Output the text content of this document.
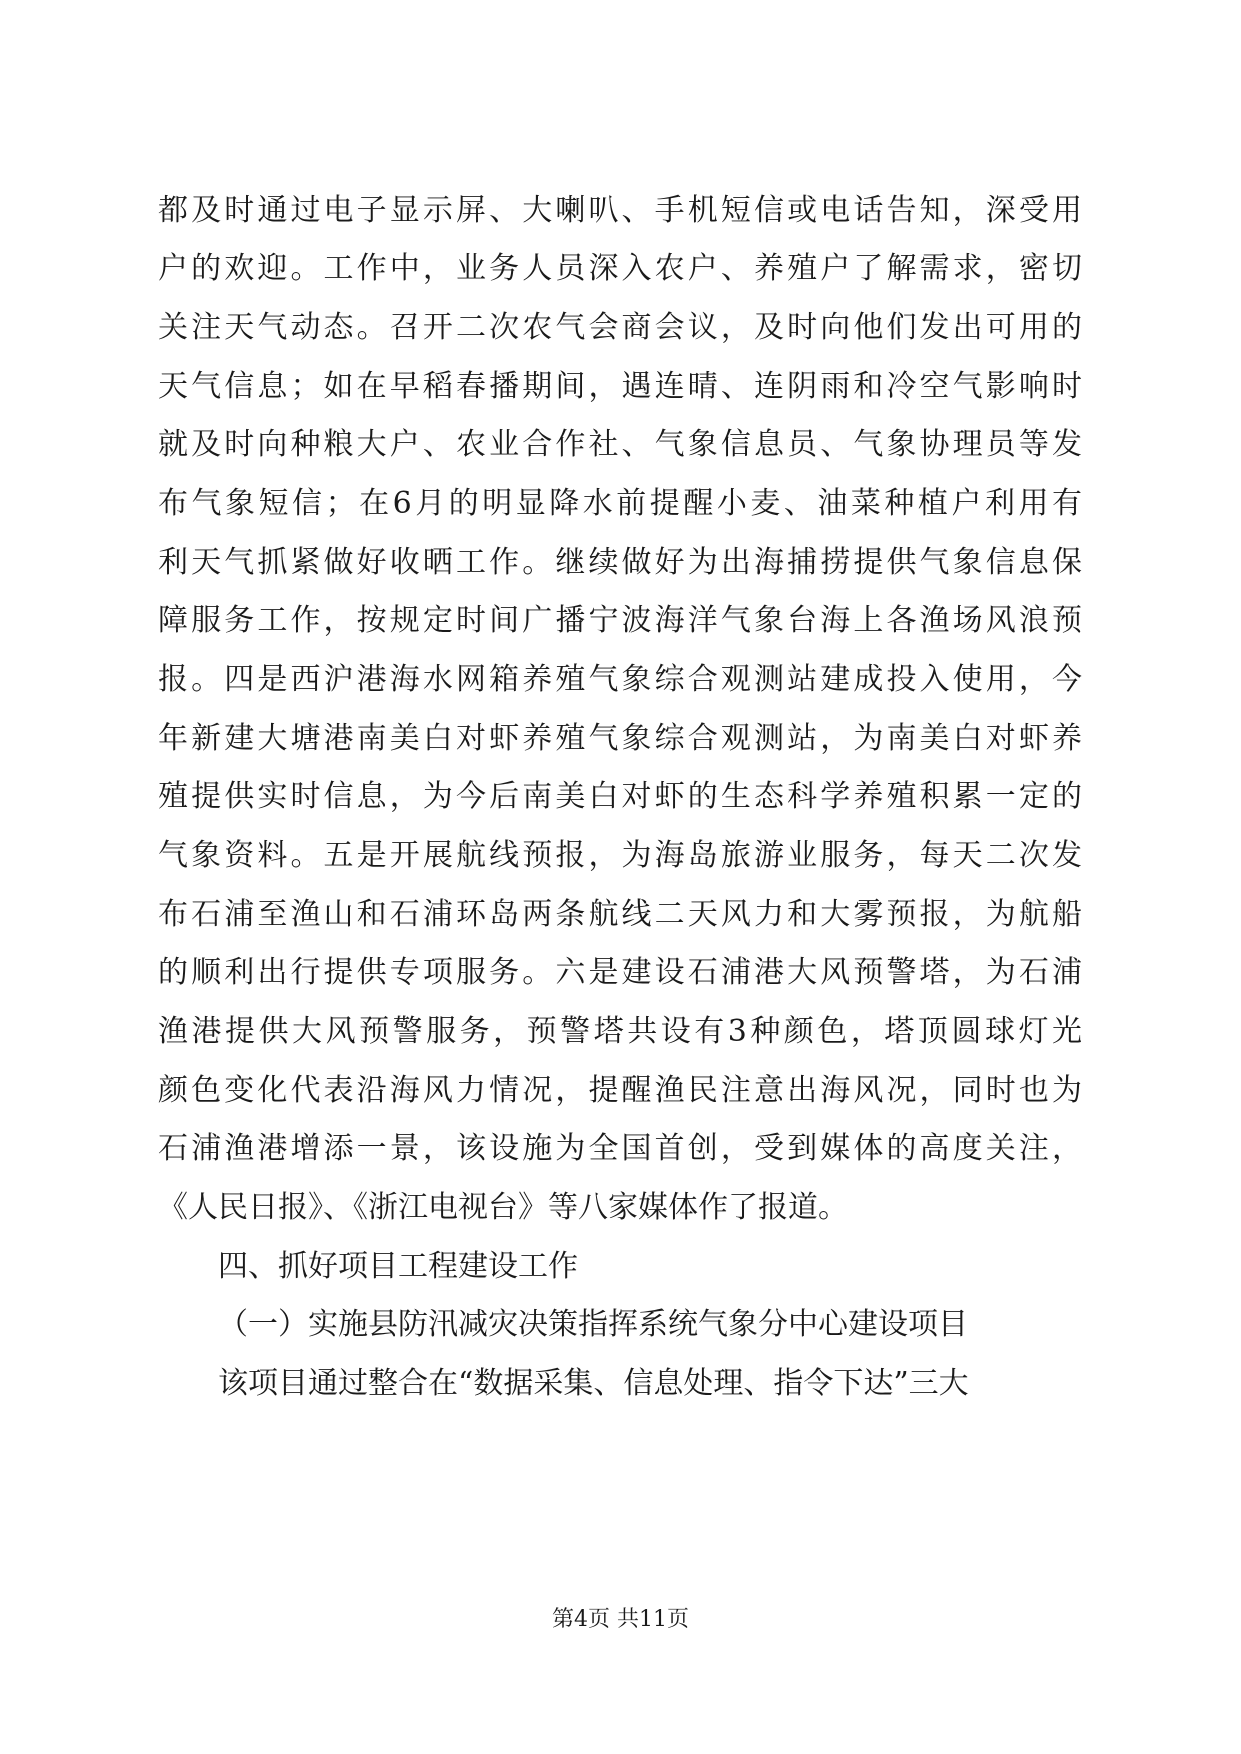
都及时通过电子显示屏、大喇叭、手机短信或电话告知，深受用
户的欢迎。工作中，业务人员深入农户、养殖户了解需求，密切
关注天气动态。召开二次农气会商会议，及时向他们发出可用的
天气信息；如在早稻春播期间，遇连晴、连阴雨和冷空气影响时
就及时向种粮大户、农业合作社、气象信息员、气象协理员等发
布气象短信；在6月的明显降水前提醒小麦、油菜种植户利用有
利天气抓紧做好收晒工作。继续做好为出海捕捞提供气象信息保
障服务工作，按规定时间广播宁波海洋气象台海上各渔场风浪预
报。四是西沪港海水网箱养殖气象综合观测站建成投入使用，今
年新建大塘港南美白对虾养殖气象综合观测站，为南美白对虾养
殖提供实时信息，为今后南美白对虾的生态科学养殖积累一定的
气象资料。五是开展航线预报，为海岛旅游业服务，每天二次发
布石浦至渔山和石浦环岛两条航线二天风力和大雾预报，为航船
的顺利出行提供专项服务。六是建设石浦港大风预警塔，为石浦
渔港提供大风预警服务，预警塔共设有3种颜色，塔顶圆球灯光
颜色变化代表沿海风力情况，提醒渔民注意出海风况，同时也为
石浦渔港增添一景，该设施为全国首创，受到媒体的高度关注，
《人民日报》、《浙江电视台》等八家媒体作了报道。
四、抓好项目工程建设工作
（一）实施县防汛减灾决策指挥系统气象分中心建设项目
该项目通过整合在“数据采集、信息处理、指令下达”三大
第4页 共11页
